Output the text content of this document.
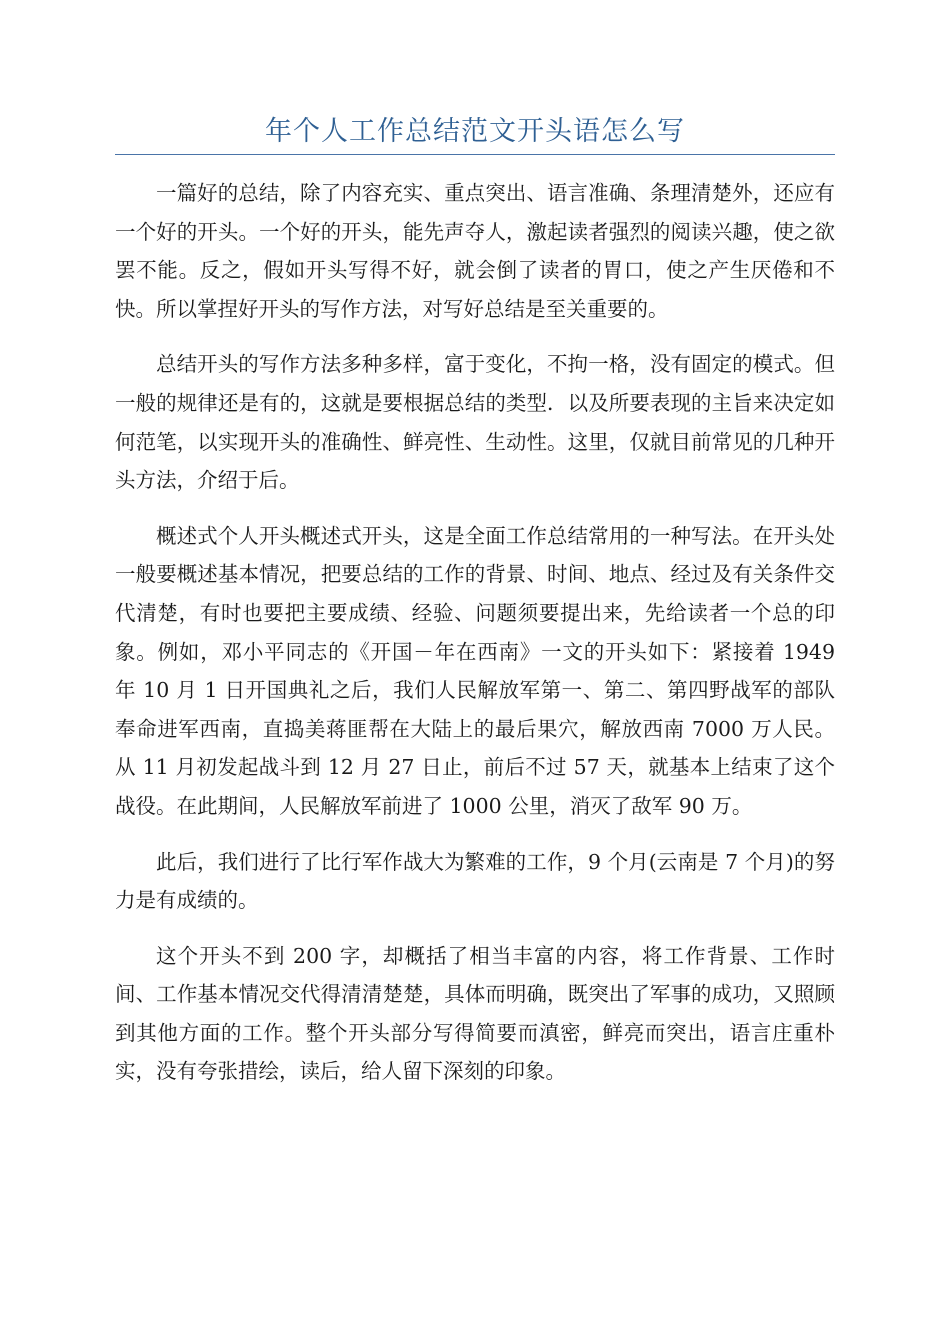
年个人工作总结范文开头语怎么写

一篇好的总结，除了内容充实、重点突出、语言准确、条理清楚外，还应有一个好的开头。一个好的开头，能先声夺人，激起读者强烈的阅读兴趣，使之欲罢不能。反之，假如开头写得不好，就会倒了读者的胃口，使之产生厌倦和不快。所以掌捏好开头的写作方法，对写好总结是至关重要的。

总结开头的写作方法多种多样，富于变化，不拘一格，没有固定的模式。但一般的规律还是有的，这就是要根据总结的类型．以及所要表现的主旨来决定如何范笔，以实现开头的准确性、鲜亮性、生动性。这里，仅就目前常见的几种开头方法，介绍于后。

概述式个人开头概述式开头，这是全面工作总结常用的一种写法。在开头处一般要概述基本情况，把要总结的工作的背景、时间、地点、经过及有关条件交代清楚，有时也要把主要成绩、经验、问题须要提出来，先给读者一个总的印象。例如，邓小平同志的《开国－年在西南》一文的开头如下：紧接着 1949 年 10 月 1 日开国典礼之后，我们人民解放军第一、第二、第四野战军的部队奉命进军西南，直捣美蒋匪帮在大陆上的最后果穴，解放西南 7000 万人民。从 11 月初发起战斗到 12 月 27 日止，前后不过 57 天，就基本上结束了这个战役。在此期间，人民解放军前进了 1000 公里，消灭了敌军 90 万。

此后，我们进行了比行军作战大为繁难的工作，9 个月(云南是 7 个月)的努力是有成绩的。

这个开头不到 200 字，却概括了相当丰富的内容，将工作背景、工作时间、工作基本情况交代得清清楚楚，具体而明确，既突出了军事的成功，又照顾到其他方面的工作。整个开头部分写得简要而滇密，鲜亮而突出，语言庄重朴实，没有夸张措绘，读后，给人留下深刻的印象。
